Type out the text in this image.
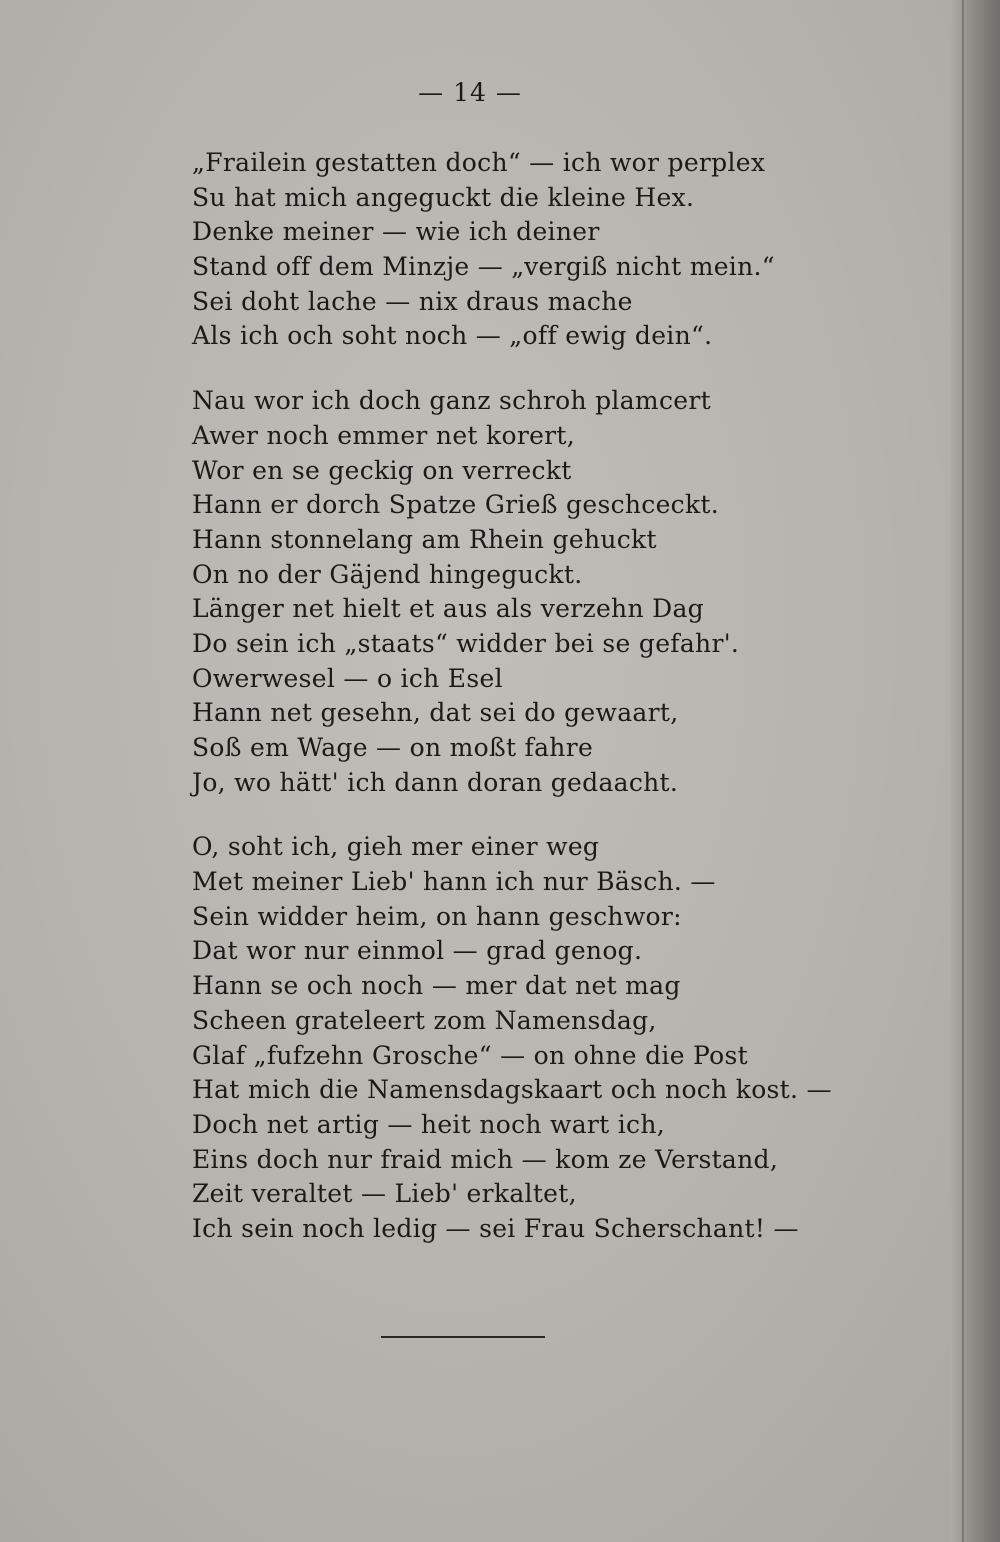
— 14 —
„Frailein gestatten doch“ — ich wor perplex
Su hat mich angeguckt die kleine Hex.
Denke meiner — wie ich deiner
Stand off dem Minzje — „vergiß nicht mein.“
Sei doht lache — nix draus mache
Als ich och soht noch — „off ewig dein“.
Nau wor ich doch ganz schroh plamcert
Awer noch emmer net korert,
Wor en se geckig on verreckt
Hann er dorch Spatze Grieß geschceckt.
Hann stonnelang am Rhein gehuckt
On no der Gäjend hingeguckt.
Länger net hielt et aus als verzehn Dag
Do sein ich „staats“ widder bei se gefahr'.
Owerwesel — o ich Esel
Hann net gesehn, dat sei do gewaart,
Soß em Wage — on moßt fahre
Jo, wo hätt' ich dann doran gedaacht.
O, soht ich, gieh mer einer weg
Met meiner Lieb' hann ich nur Bäsch. —
Sein widder heim, on hann geschwor:
Dat wor nur einmol — grad genog.
Hann se och noch — mer dat net mag
Scheen grateleert zom Namensdag,
Glaf „fufzehn Grosche“ — on ohne die Post
Hat mich die Namensdagskaart och noch kost. —
Doch net artig — heit noch wart ich,
Eins doch nur fraid mich — kom ze Verstand,
Zeit veraltet — Lieb' erkaltet,
Ich sein noch ledig — sei Frau Scherschant! —
